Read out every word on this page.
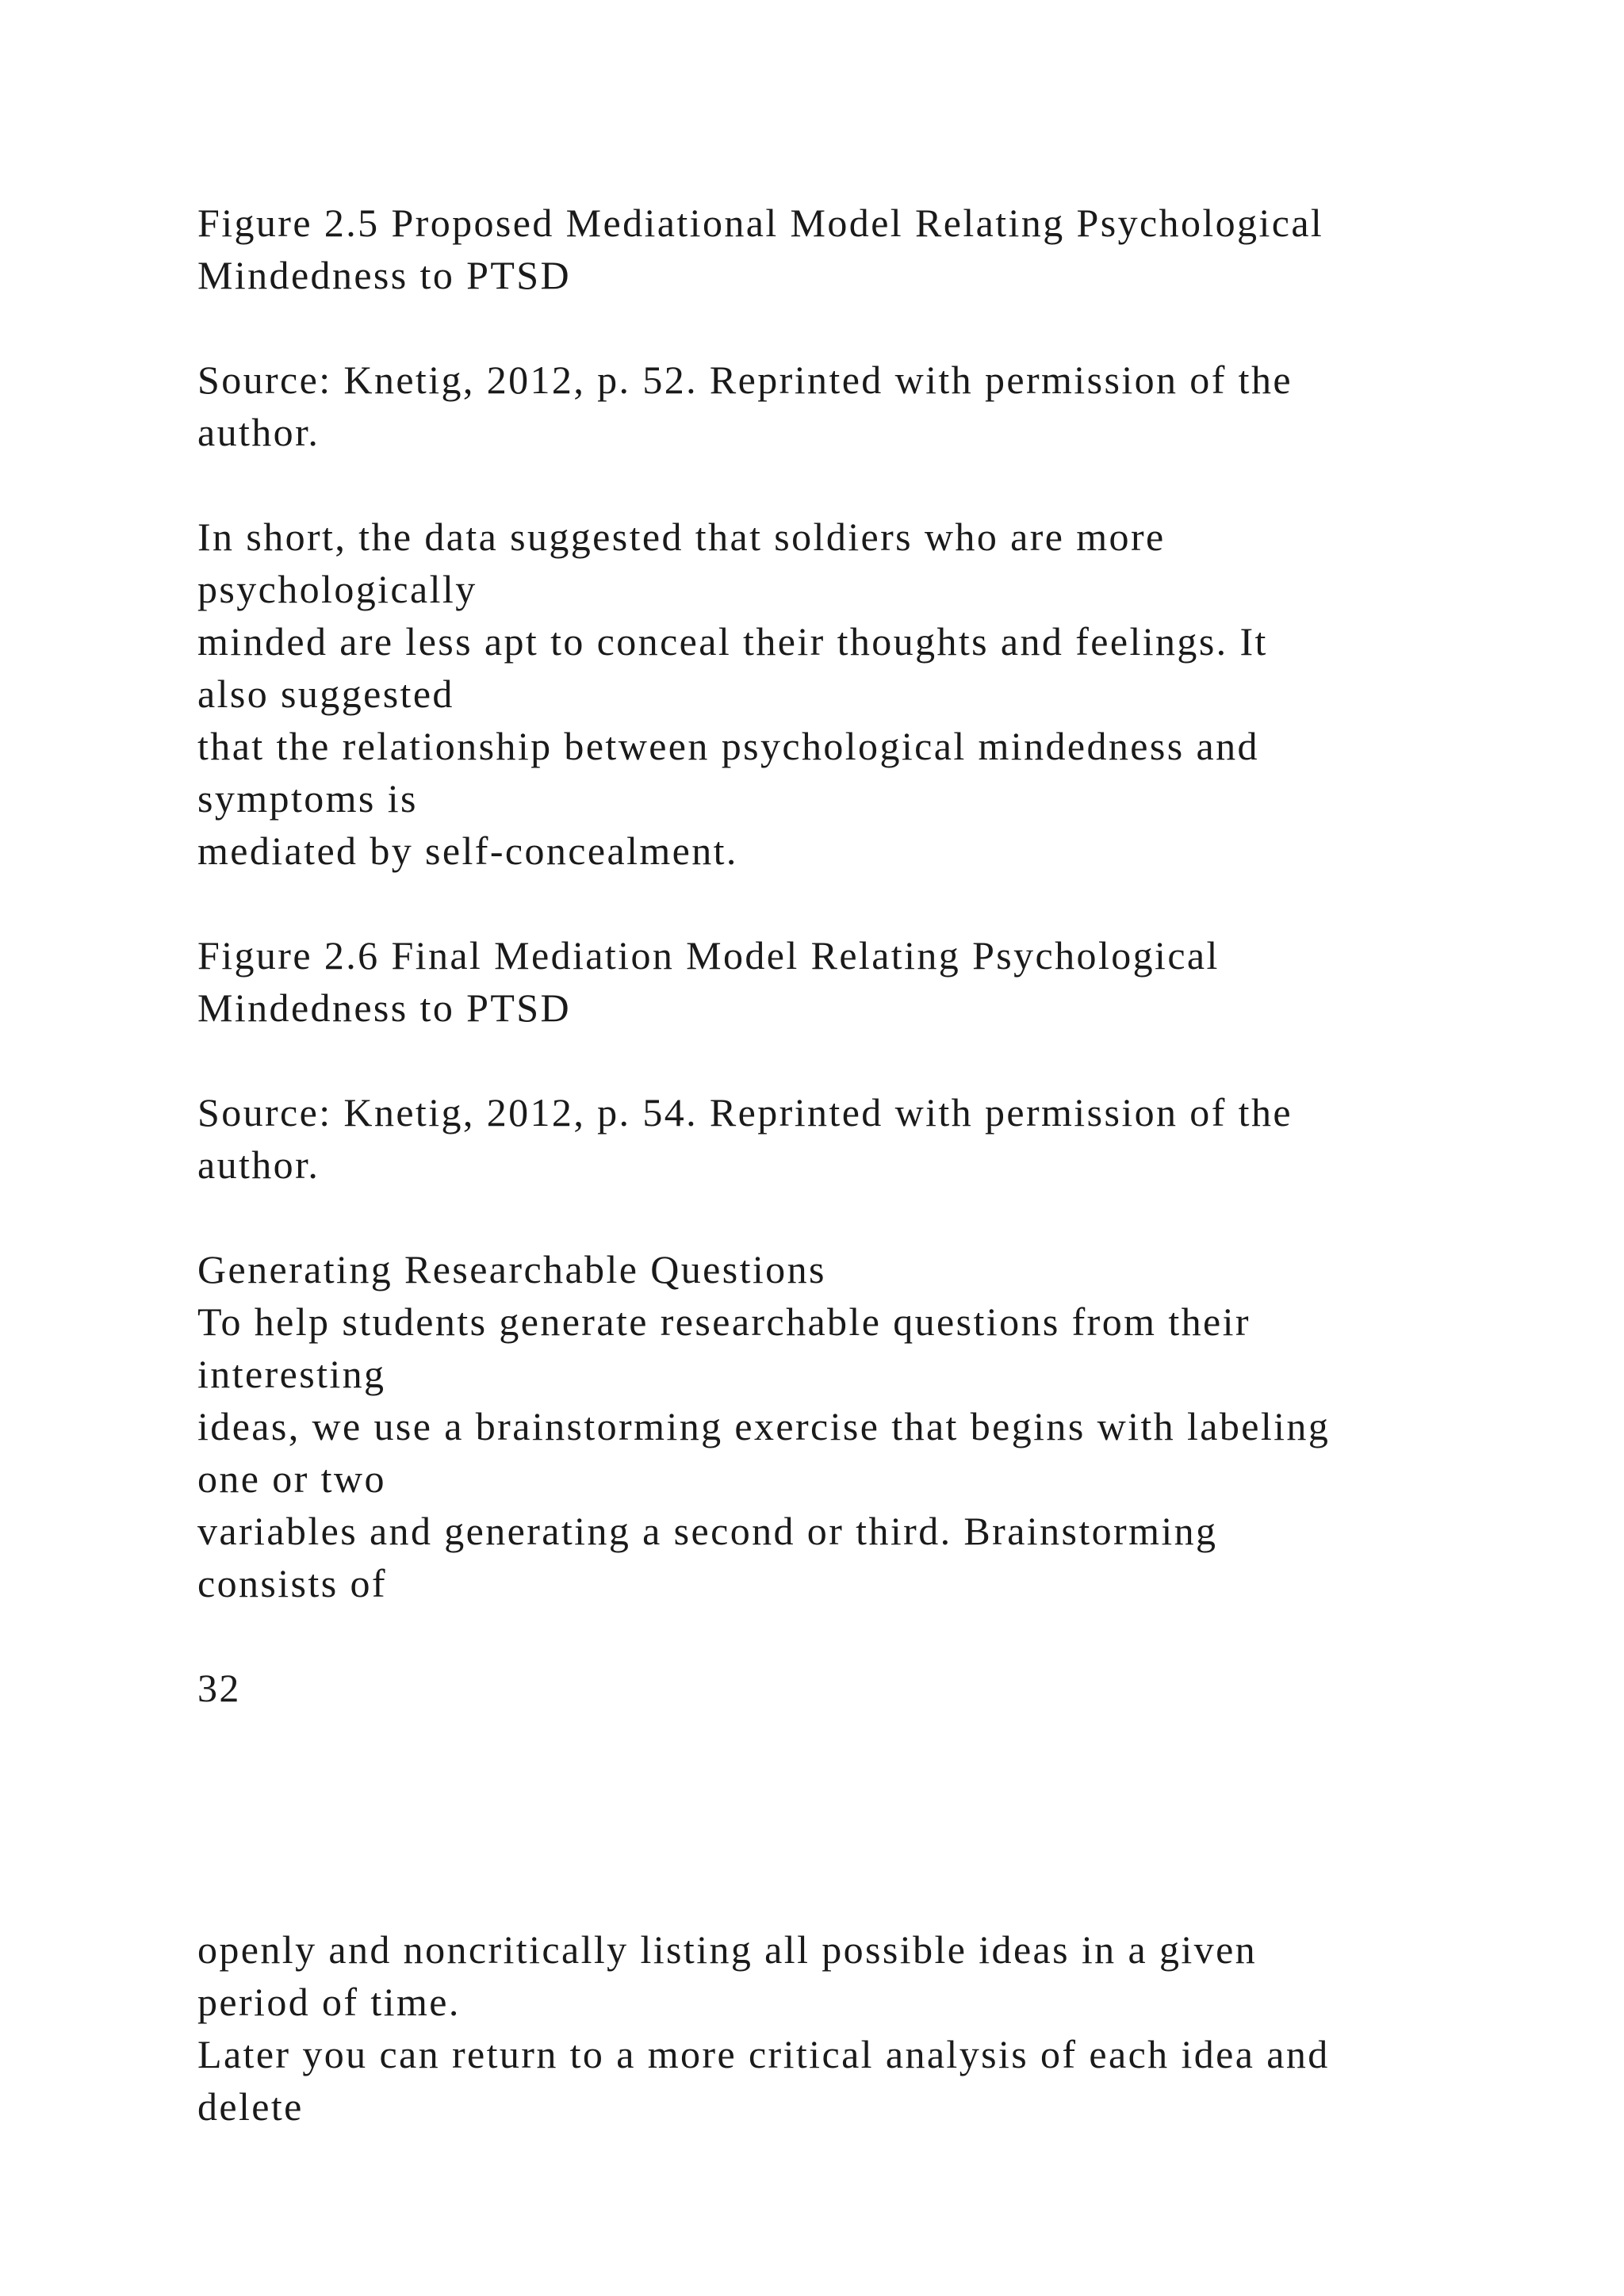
Figure 2.5 Proposed Mediational Model Relating Psychological
Mindedness to PTSD
Source: Knetig, 2012, p. 52. Reprinted with permission of the
author.
In short, the data suggested that soldiers who are more
psychologically
minded are less apt to conceal their thoughts and feelings. It
also suggested
that the relationship between psychological mindedness and
symptoms is
mediated by self-concealment.
Figure 2.6 Final Mediation Model Relating Psychological
Mindedness to PTSD
Source: Knetig, 2012, p. 54. Reprinted with permission of the
author.
Generating Researchable Questions
To help students generate researchable questions from their
interesting
ideas, we use a brainstorming exercise that begins with labeling
one or two
variables and generating a second or third. Brainstorming
consists of
32
openly and noncritically listing all possible ideas in a given
period of time.
Later you can return to a more critical analysis of each idea and
delete
